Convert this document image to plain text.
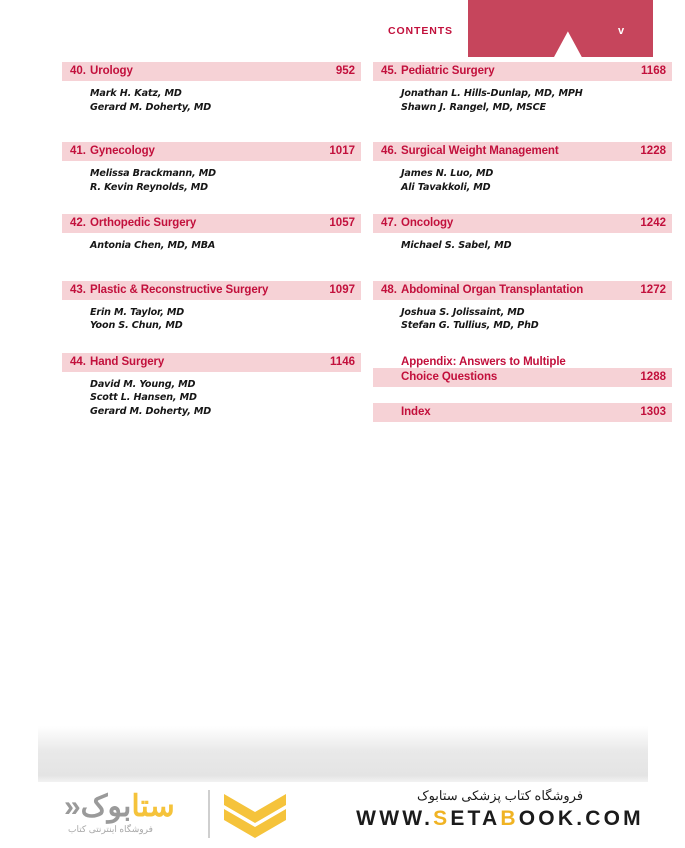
CONTENTS	v
40. Urology	952
Mark H. Katz, MD
Gerard M. Doherty, MD
41. Gynecology	1017
Melissa Brackmann, MD
R. Kevin Reynolds, MD
42. Orthopedic Surgery	1057
Antonia Chen, MD, MBA
43. Plastic & Reconstructive Surgery	1097
Erin M. Taylor, MD
Yoon S. Chun, MD
44. Hand Surgery	1146
David M. Young, MD
Scott L. Hansen, MD
Gerard M. Doherty, MD
45. Pediatric Surgery	1168
Jonathan L. Hills-Dunlap, MD, MPH
Shawn J. Rangel, MD, MSCE
46. Surgical Weight Management	1228
James N. Luo, MD
Ali Tavakkoli, MD
47. Oncology	1242
Michael S. Sabel, MD
48. Abdominal Organ Transplantation	1272
Joshua S. Jolissaint, MD
Stefan G. Tullius, MD, PhD
Appendix: Answers to Multiple
Choice Questions	1288
Index	1303
ستابوک«
فروشگاه اینترنتی کتاب
فروشگاه کتاب پزشکی ستابوک
WWW.SETABOOK.COM
